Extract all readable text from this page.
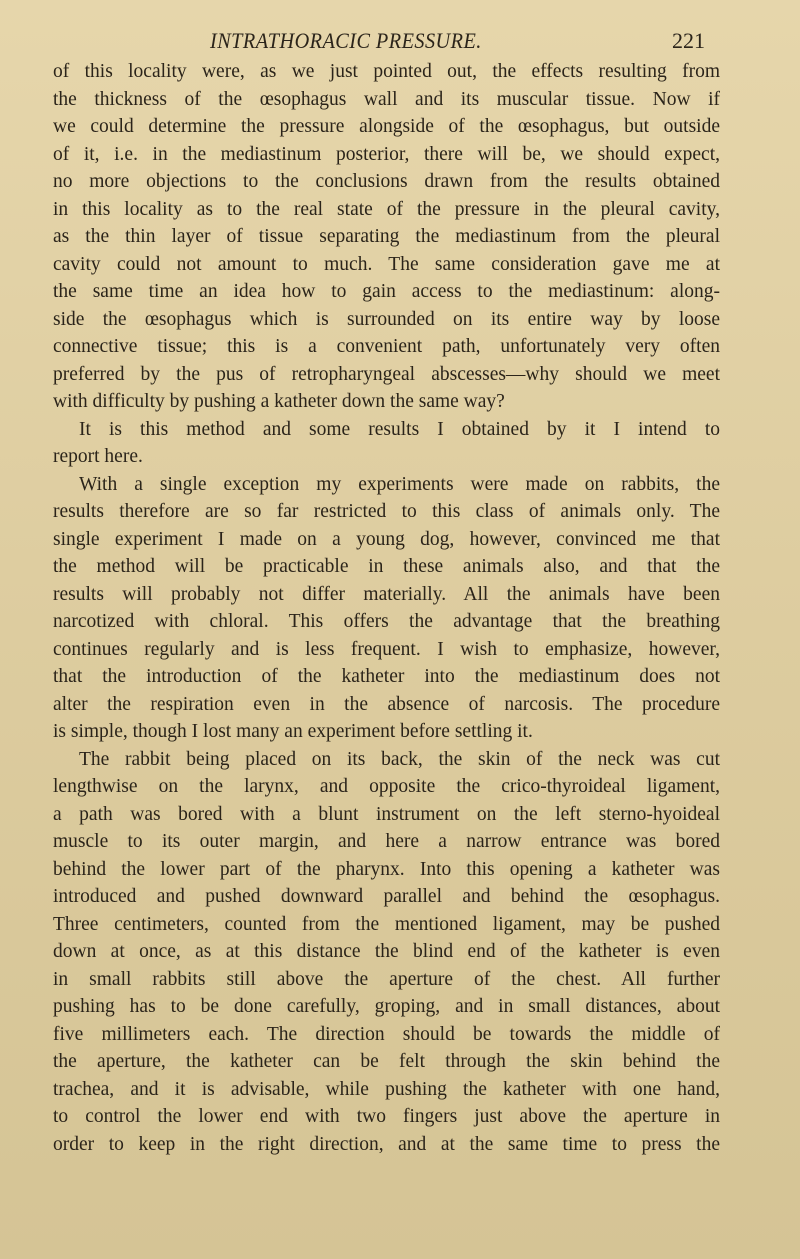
INTRATHORACIC PRESSURE.	221
of this locality were, as we just pointed out, the effects resulting from
the thickness of the œsophagus wall and its muscular tissue. Now if
we could determine the pressure alongside of the œsophagus, but outside
of it, i.e. in the mediastinum posterior, there will be, we should expect,
no more objections to the conclusions drawn from the results obtained
in this locality as to the real state of the pressure in the pleural cavity,
as the thin layer of tissue separating the mediastinum from the pleural
cavity could not amount to much. The same consideration gave me at
the same time an idea how to gain access to the mediastinum: along-
side the œsophagus which is surrounded on its entire way by loose
connective tissue; this is a convenient path, unfortunately very often
preferred by the pus of retropharyngeal abscesses—why should we meet
with difficulty by pushing a katheter down the same way?
It is this method and some results I obtained by it I intend to
report here.
With a single exception my experiments were made on rabbits, the
results therefore are so far restricted to this class of animals only. The
single experiment I made on a young dog, however, convinced me that
the method will be practicable in these animals also, and that the
results will probably not differ materially. All the animals have been
narcotized with chloral. This offers the advantage that the breathing
continues regularly and is less frequent. I wish to emphasize, however,
that the introduction of the katheter into the mediastinum does not
alter the respiration even in the absence of narcosis. The procedure
is simple, though I lost many an experiment before settling it.
The rabbit being placed on its back, the skin of the neck was cut
lengthwise on the larynx, and opposite the crico-thyroideal ligament,
a path was bored with a blunt instrument on the left sterno-hyoideal
muscle to its outer margin, and here a narrow entrance was bored
behind the lower part of the pharynx. Into this opening a katheter was
introduced and pushed downward parallel and behind the œsophagus.
Three centimeters, counted from the mentioned ligament, may be pushed
down at once, as at this distance the blind end of the katheter is even
in small rabbits still above the aperture of the chest. All further
pushing has to be done carefully, groping, and in small distances, about
five millimeters each. The direction should be towards the middle of
the aperture, the katheter can be felt through the skin behind the
trachea, and it is advisable, while pushing the katheter with one hand,
to control the lower end with two fingers just above the aperture in
order to keep in the right direction, and at the same time to press the
